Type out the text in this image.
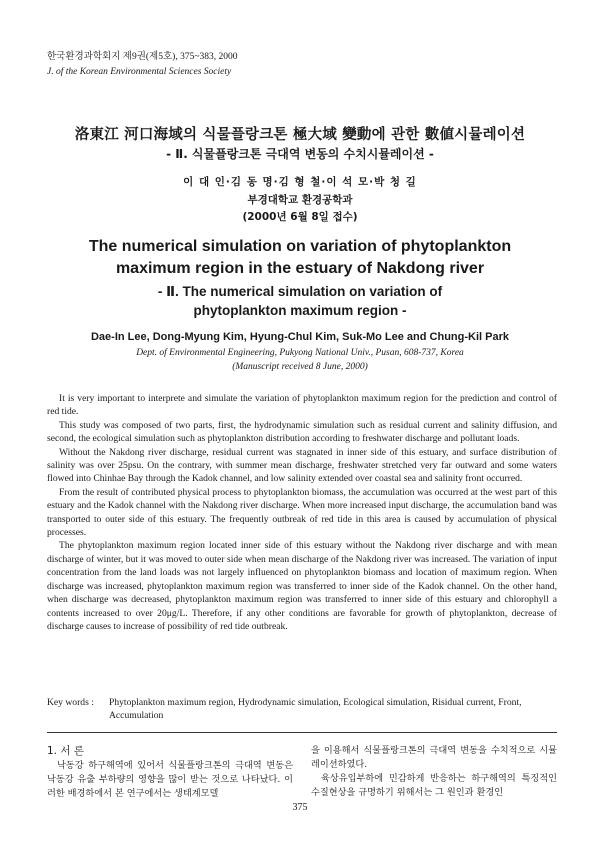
한국환경과학회지 제9권(제5호), 375~383, 2000
J. of the Korean Environmental Sciences Society
洛東江 河口海域의 식물플랑크톤 極大域 變動에 관한 數値시뮬레이션
- Ⅱ. 식물플랑크톤 극대역 변동의 수치시뮬레이션 -
이 대 인·김 동 명·김 형 철·이 석 모·박 청 길
부경대학교 환경공학과
(2000년 6월 8일 접수)
The numerical simulation on variation of phytoplankton
maximum region in the estuary of Nakdong river
- Ⅱ. The numerical simulation on variation of
phytoplankton maximum region -
Dae-In Lee, Dong-Myung Kim, Hyung-Chul Kim, Suk-Mo Lee and Chung-Kil Park
Dept. of Environmental Engineering, Pukyong National Univ., Pusan, 608-737, Korea
(Manuscript received 8 June, 2000)

It is very important to interprete and simulate the variation of phytoplankton maximum region for the prediction and control of red tide.

This study was composed of two parts, first, the hydrodynamic simulation such as residual current and salinity diffusion, and second, the ecological simulation such as phytoplankton distribution according to freshwater discharge and pollutant loads.

Without the Nakdong river discharge, residual current was stagnated in inner side of this estuary, and surface distribution of salinity was over 25psu. On the contrary, with summer mean discharge, freshwater stretched very far outward and some waters flowed into Chinhae Bay through the Kadok channel, and low salinity extended over coastal sea and salinity front occurred.

From the result of contributed physical process to phytoplankton biomass, the accumulation was occurred at the west part of this estuary and the Kadok channel with the Nakdong river discharge. When more increased input discharge, the accumulation band was transported to outer side of this estuary. The frequently outbreak of red tide in this area is caused by accumulation of physical processes.

The phytoplankton maximum region located inner side of this estuary without the Nakdong river discharge and with mean discharge of winter, but it was moved to outer side when mean discharge of the Nakdong river was increased. The variation of input concentration from the land loads was not largely influenced on phytoplankton biomass and location of maximum region. When discharge was increased, phytoplankton maximum region was transferred to inner side of the Kadok channel. On the other hand, when discharge was decreased, phytoplankton maximum region was transferred to inner side of this estuary and chlorophyll a contents increased to over 20μg/L. Therefore, if any other conditions are favorable for growth of phytoplankton, decrease of discharge causes to increase of possibility of red tide outbreak.

Key words : Phytoplankton maximum region, Hydrodynamic simulation, Ecological simulation, Risidual current, Front, Accumulation

1. 서 론

낙동강 하구해역에 있어서 식물플랑크톤의 극대역 변동은 낙동강 유출 부하량의 영향을 많이 받는 것으로 나타났다. 이러한 배경하에서 본 연구에서는 생태계모델

을 이용해서 식물플랑크톤의 극대역 변동을 수치적으로 시뮬레이션하였다.

육상유입부하에 민감하게 반응하는 하구해역의 특징적인 수질현상을 규명하기 위해서는 그 원인과 환경인

375
